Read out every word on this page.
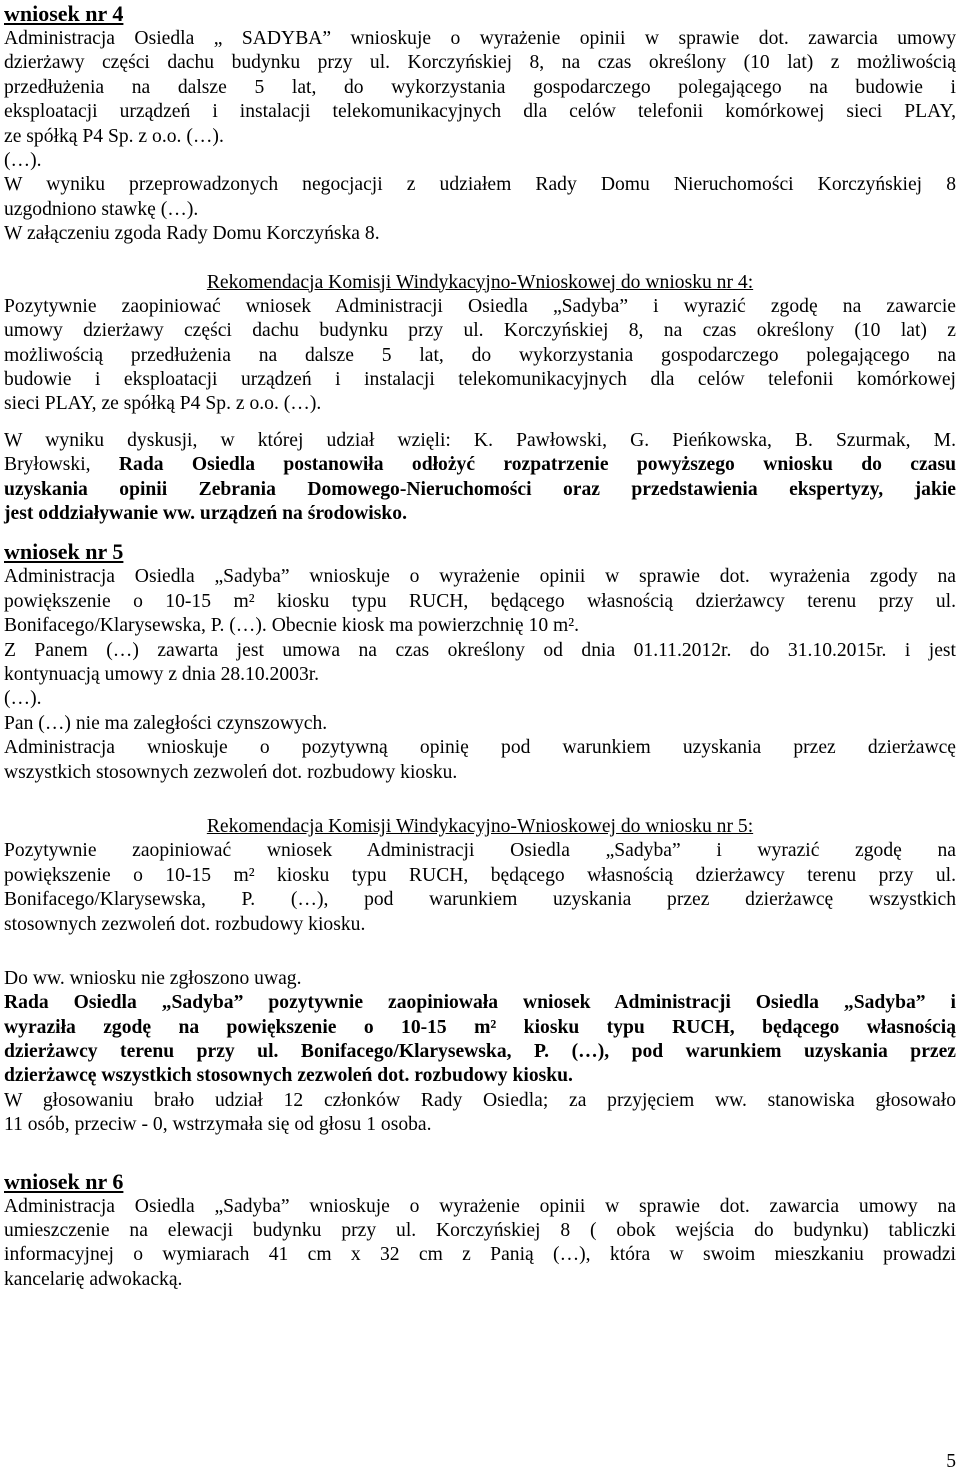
wniosek nr 4
Administracja Osiedla „ SADYBA” wnioskuje o wyrażenie opinii w sprawie dot. zawarcia umowy
dzierżawy części dachu budynku przy ul. Korczyńskiej 8, na czas określony (10 lat) z możliwością
przedłużenia na dalsze 5 lat, do wykorzystania gospodarczego polegającego na budowie i
eksploatacji urządzeń i instalacji telekomunikacyjnych dla celów telefonii komórkowej sieci PLAY,
ze spółką P4 Sp. z o.o. (…).
(…).
W wyniku przeprowadzonych negocjacji z udziałem Rady Domu Nieruchomości Korczyńskiej 8
uzgodniono stawkę (…).
W załączeniu zgoda Rady Domu Korczyńska 8.
Rekomendacja Komisji Windykacyjno-Wnioskowej do wniosku nr 4:
Pozytywnie zaopiniować wniosek Administracji Osiedla „Sadyba” i wyrazić zgodę na zawarcie
umowy dzierżawy części dachu budynku przy ul. Korczyńskiej 8, na czas określony (10 lat) z
możliwością przedłużenia na dalsze 5 lat, do wykorzystania gospodarczego polegającego na
budowie i eksploatacji urządzeń i instalacji telekomunikacyjnych dla celów telefonii komórkowej
sieci PLAY, ze spółką P4 Sp. z o.o. (…).
W wyniku dyskusji, w której udział wzięli: K. Pawłowski, G. Pieńkowska, B. Szurmak, M.
Bryłowski, Rada Osiedla postanowiła odłożyć rozpatrzenie powyższego wniosku do czasu
uzyskania opinii Zebrania Domowego-Nieruchomości oraz przedstawienia ekspertyzy, jakie
jest oddziaływanie ww. urządzeń na środowisko.
wniosek nr 5
Administracja Osiedla „Sadyba” wnioskuje o wyrażenie opinii w sprawie dot. wyrażenia zgody na
powiększenie o 10-15 m² kiosku typu RUCH, będącego własnością dzierżawcy terenu przy ul.
Bonifacego/Klarysewska, P. (…). Obecnie kiosk ma powierzchnię 10 m².
Z Panem (…) zawarta jest umowa na czas określony od dnia 01.11.2012r. do 31.10.2015r. i jest
kontynuacją umowy z dnia 28.10.2003r.
(…).
Pan (…) nie ma zaległości czynszowych.
Administracja wnioskuje o pozytywną opinię pod warunkiem uzyskania przez dzierżawcę
wszystkich stosownych zezwoleń dot. rozbudowy kiosku.
Rekomendacja Komisji Windykacyjno-Wnioskowej do wniosku nr 5:
Pozytywnie zaopiniować wniosek Administracji Osiedla „Sadyba” i wyrazić zgodę na
powiększenie o 10-15 m² kiosku typu RUCH, będącego własnością dzierżawcy terenu przy ul.
Bonifacego/Klarysewska, P. (…), pod warunkiem uzyskania przez dzierżawcę wszystkich
stosownych zezwoleń dot. rozbudowy kiosku.
Do ww. wniosku nie zgłoszono uwag.
Rada Osiedla „Sadyba” pozytywnie zaopiniowała wniosek Administracji Osiedla „Sadyba” i
wyraziła zgodę na powiększenie o 10-15 m² kiosku typu RUCH, będącego własnością
dzierżawcy terenu przy ul. Bonifacego/Klarysewska, P. (…), pod warunkiem uzyskania przez
dzierżawcę wszystkich stosownych zezwoleń dot. rozbudowy kiosku.
W głosowaniu brało udział 12 członków Rady Osiedla; za przyjęciem ww. stanowiska głosowało
11 osób, przeciw - 0, wstrzymała się od głosu 1 osoba.
wniosek nr 6
Administracja Osiedla „Sadyba” wnioskuje o wyrażenie opinii w sprawie dot. zawarcia umowy na
umieszczenie na elewacji budynku przy ul. Korczyńskiej 8 ( obok wejścia do budynku) tabliczki
informacyjnej o wymiarach 41 cm x 32 cm z Panią (…), która w swoim mieszkaniu prowadzi
kancelarię adwokacką.
5
